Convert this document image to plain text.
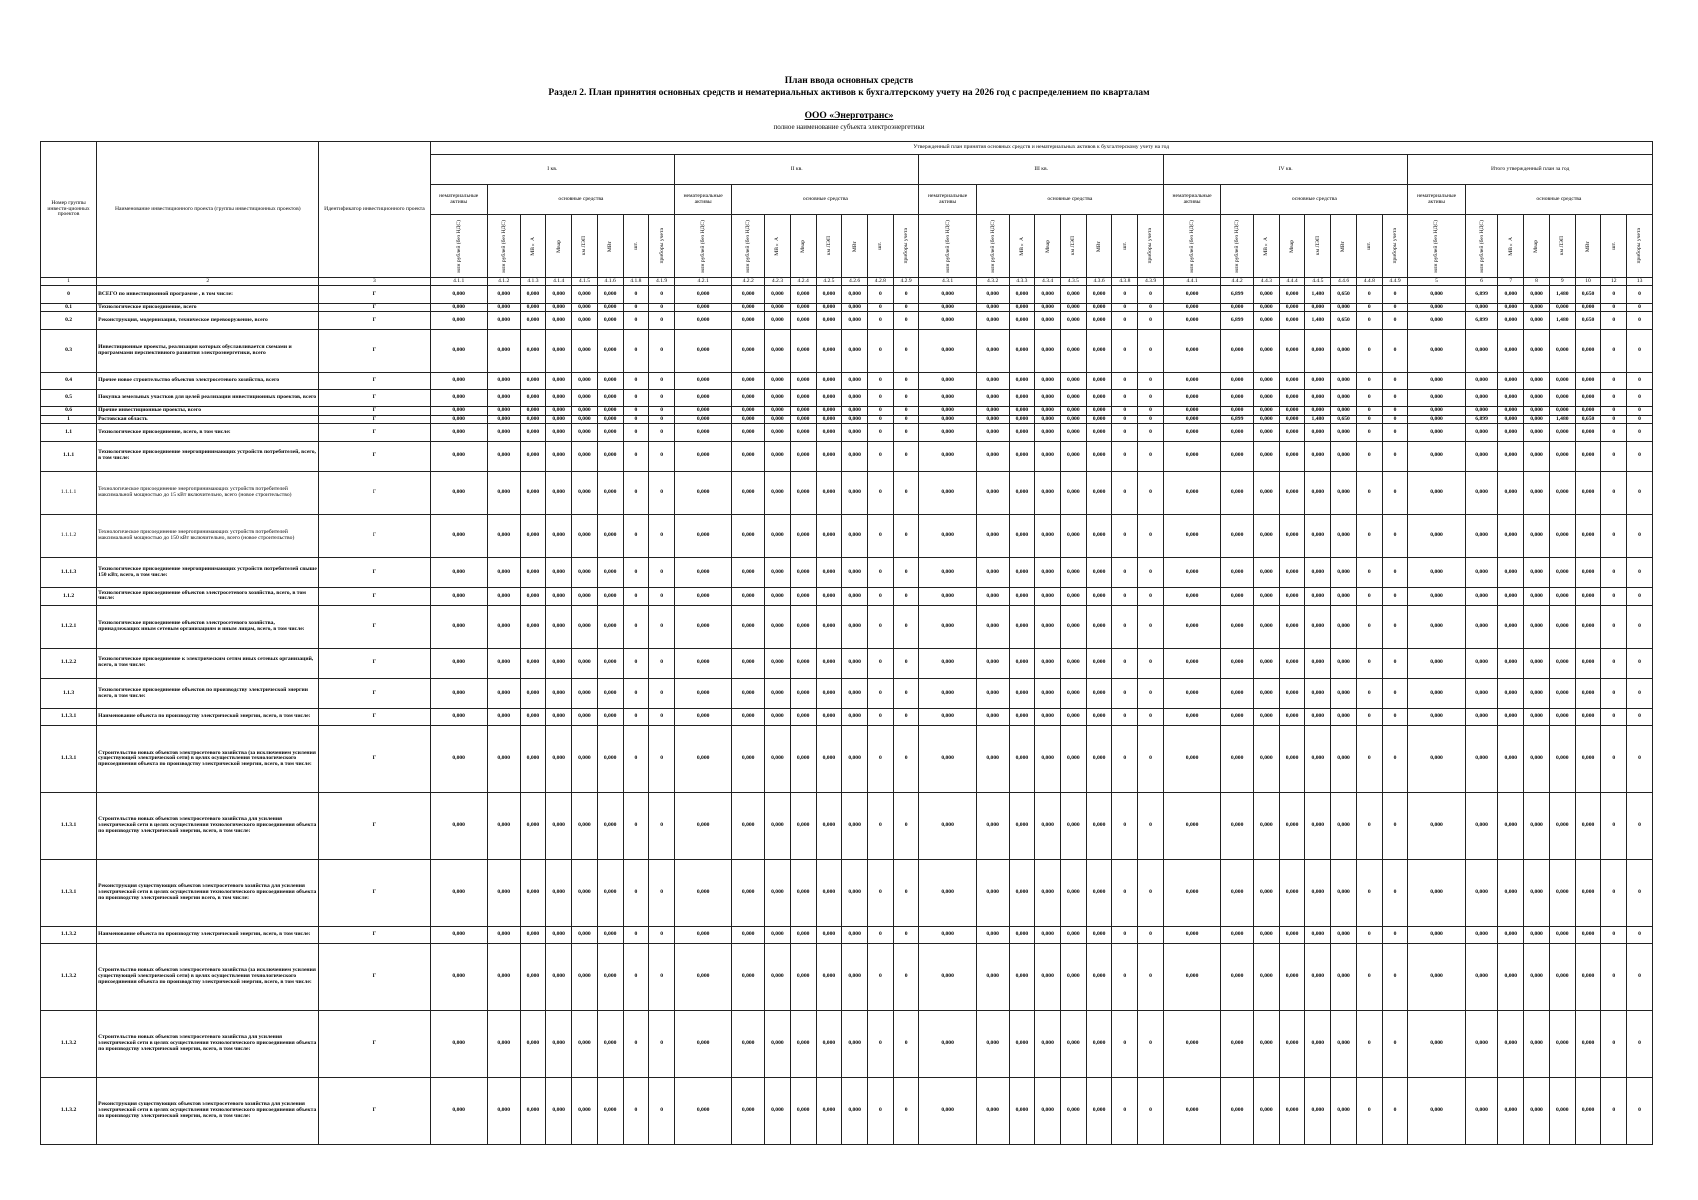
План ввода основных средств
Раздел 2. План принятия основных средств и нематериальных активов к бухгалтерскому учету на 2026 год с распределением по кварталам
ООО «Энерготранс»
полное наименование субъекта электроэнергетики
Номер группы инвести-ционных проектов	Наименование инвестиционного проекта (группы инвестиционных проектов)	Идентификатор инвестиционного проекта	Утвержденный план принятия основных средств и нематериальных активов к бухгалтерскому учету на год																																							
			I кв.								II кв.								III кв.								IV кв.								Итого утвержденный план за год							
			нематериальные активы	основные средства							нематериальные активы	основные средства							нематериальные активы	основные средства							нематериальные активы	основные средства							нематериальные активы	основные средства						

			млн рублей (без НДС)	млн рублей (без НДС)	МВ×А	Мвар	км ЛЭП	МВт	шт.	приборы учета	млн рублей (без НДС)	млн рублей (без НДС)	МВ×А	Мвар	км ЛЭП	МВт	шт.	приборы учета	млн рублей (без НДС)	млн рублей (без НДС)	МВ×А	Мвар	км ЛЭП	МВт	шт.	приборы учета	млн рублей (без НДС)	млн рублей (без НДС)	МВ×А	Мвар	км ЛЭП	МВт	шт.	приборы учета	млн рублей (без НДС)	млн рублей (без НДС)	МВ×А	Мвар	км ЛЭП	МВт	шт.	приборы учета

1	2	3	4.1.1	4.1.2	4.1.3	4.1.4	4.1.5	4.1.6	4.1.8	4.1.9	4.2.1	4.2.2	4.2.3	4.2.4	4.2.5	4.2.6	4.2.8	4.2.9	4.3.1	4.3.2	4.3.3	4.3.4	4.3.5	4.3.6	4.3.8	4.3.9	4.4.1	4.4.2	4.4.3	4.4.4	4.4.5	4.4.6	4.4.8	4.4.9	5	6	7	8	9	10	12	13
0	ВСЕГО по инвестиционной программе , в том числе:	Г	0,000	0,000	0,000	0,000	0,000	0,000	0	0	0,000	0,000	0,000	0,000	0,000	0,000	0	0	0,000	0,000	0,000	0,000	0,000	0,000	0	0	0,000	6,899	0,000	0,000	1,480	0,650	0	0	0,000	6,899	0,000	0,000	1,480	0,650	0	0
0.1	Технологическое присоединение, всего	Г	0,000	0,000	0,000	0,000	0,000	0,000	0	0	0,000	0,000	0,000	0,000	0,000	0,000	0	0	0,000	0,000	0,000	0,000	0,000	0,000	0	0	0,000	0,000	0,000	0,000	0,000	0,000	0	0	0,000	0,000	0,000	0,000	0,000	0,000	0	0
0.2	Реконструкция, модернизация, техническое перевооружение, всего	Г	0,000	0,000	0,000	0,000	0,000	0,000	0	0	0,000	0,000	0,000	0,000	0,000	0,000	0	0	0,000	0,000	0,000	0,000	0,000	0,000	0	0	0,000	6,899	0,000	0,000	1,480	0,650	0	0	0,000	6,899	0,000	0,000	1,480	0,650	0	0
0.3	Инвестиционные проекты, реализация которых обуславливается схемами и программами перспективного развития электроэнергетики, всего	Г	0,000	0,000	0,000	0,000	0,000	0,000	0	0	0,000	0,000	0,000	0,000	0,000	0,000	0	0	0,000	0,000	0,000	0,000	0,000	0,000	0	0	0,000	0,000	0,000	0,000	0,000	0,000	0	0	0,000	0,000	0,000	0,000	0,000	0,000	0	0
0.4	Прочее новое строительство объектов электросетевого хозяйства, всего	Г	0,000	0,000	0,000	0,000	0,000	0,000	0	0	0,000	0,000	0,000	0,000	0,000	0,000	0	0	0,000	0,000	0,000	0,000	0,000	0,000	0	0	0,000	0,000	0,000	0,000	0,000	0,000	0	0	0,000	0,000	0,000	0,000	0,000	0,000	0	0
0.5	Покупка земельных участков для целей реализации инвестиционных проектов, всего	Г	0,000	0,000	0,000	0,000	0,000	0,000	0	0	0,000	0,000	0,000	0,000	0,000	0,000	0	0	0,000	0,000	0,000	0,000	0,000	0,000	0	0	0,000	0,000	0,000	0,000	0,000	0,000	0	0	0,000	0,000	0,000	0,000	0,000	0,000	0	0
0.6	Прочие инвестиционные проекты, всего	Г	0,000	0,000	0,000	0,000	0,000	0,000	0	0	0,000	0,000	0,000	0,000	0,000	0,000	0	0	0,000	0,000	0,000	0,000	0,000	0,000	0	0	0,000	0,000	0,000	0,000	0,000	0,000	0	0	0,000	0,000	0,000	0,000	0,000	0,000	0	0
1	Ростовская область	Г	0,000	0,000	0,000	0,000	0,000	0,000	0	0	0,000	0,000	0,000	0,000	0,000	0,000	0	0	0,000	0,000	0,000	0,000	0,000	0,000	0	0	0,000	6,899	0,000	0,000	1,480	0,650	0	0	0,000	6,899	0,000	0,000	1,480	0,650	0	0
1.1	Технологическое присоединение, всего, в том числе:	Г	0,000	0,000	0,000	0,000	0,000	0,000	0	0	0,000	0,000	0,000	0,000	0,000	0,000	0	0	0,000	0,000	0,000	0,000	0,000	0,000	0	0	0,000	0,000	0,000	0,000	0,000	0,000	0	0	0,000	0,000	0,000	0,000	0,000	0,000	0	0
1.1.1	Технологическое присоединение энергопринимающих устройств потребителей, всего, в том числе:	Г	0,000	0,000	0,000	0,000	0,000	0,000	0	0	0,000	0,000	0,000	0,000	0,000	0,000	0	0	0,000	0,000	0,000	0,000	0,000	0,000	0	0	0,000	0,000	0,000	0,000	0,000	0,000	0	0	0,000	0,000	0,000	0,000	0,000	0,000	0	0
1.1.1.1	Технологическое присоединение энергопринимающих устройств потребителей максимальной мощностью до 15 кВт включительно, всего (новое строительство)	Г	0,000	0,000	0,000	0,000	0,000	0,000	0	0	0,000	0,000	0,000	0,000	0,000	0,000	0	0	0,000	0,000	0,000	0,000	0,000	0,000	0	0	0,000	0,000	0,000	0,000	0,000	0,000	0	0	0,000	0,000	0,000	0,000	0,000	0,000	0	0
1.1.1.2	Технологическое присоединение энергопринимающих устройств потребителей максимальной мощностью до 150 кВт включительно, всего (новое строительство)	Г	0,000	0,000	0,000	0,000	0,000	0,000	0	0	0,000	0,000	0,000	0,000	0,000	0,000	0	0	0,000	0,000	0,000	0,000	0,000	0,000	0	0	0,000	0,000	0,000	0,000	0,000	0,000	0	0	0,000	0,000	0,000	0,000	0,000	0,000	0	0
1.1.1.3	Технологическое присоединение энергопринимающих устройств потребителей свыше 150 кВт, всего, в том числе:	Г	0,000	0,000	0,000	0,000	0,000	0,000	0	0	0,000	0,000	0,000	0,000	0,000	0,000	0	0	0,000	0,000	0,000	0,000	0,000	0,000	0	0	0,000	0,000	0,000	0,000	0,000	0,000	0	0	0,000	0,000	0,000	0,000	0,000	0,000	0	0
1.1.2	Технологическое присоединение объектов электросетевого хозяйства, всего, в том числе:	Г	0,000	0,000	0,000	0,000	0,000	0,000	0	0	0,000	0,000	0,000	0,000	0,000	0,000	0	0	0,000	0,000	0,000	0,000	0,000	0,000	0	0	0,000	0,000	0,000	0,000	0,000	0,000	0	0	0,000	0,000	0,000	0,000	0,000	0,000	0	0
1.1.2.1	Технологическое присоединение объектов электросетевого хозяйства, принадлежащих иным сетевым организациям и иным лицам, всего, в том числе:	Г	0,000	0,000	0,000	0,000	0,000	0,000	0	0	0,000	0,000	0,000	0,000	0,000	0,000	0	0	0,000	0,000	0,000	0,000	0,000	0,000	0	0	0,000	0,000	0,000	0,000	0,000	0,000	0	0	0,000	0,000	0,000	0,000	0,000	0,000	0	0
1.1.2.2	Технологическое присоединение к электрическим сетям иных сетевых организаций, всего, в том числе:	Г	0,000	0,000	0,000	0,000	0,000	0,000	0	0	0,000	0,000	0,000	0,000	0,000	0,000	0	0	0,000	0,000	0,000	0,000	0,000	0,000	0	0	0,000	0,000	0,000	0,000	0,000	0,000	0	0	0,000	0,000	0,000	0,000	0,000	0,000	0	0
1.1.3	Технологическое присоединение объектов по производству электрической энергии всего, в том числе:	Г	0,000	0,000	0,000	0,000	0,000	0,000	0	0	0,000	0,000	0,000	0,000	0,000	0,000	0	0	0,000	0,000	0,000	0,000	0,000	0,000	0	0	0,000	0,000	0,000	0,000	0,000	0,000	0	0	0,000	0,000	0,000	0,000	0,000	0,000	0	0
1.1.3.1	Наименование объекта по производству электрической энергии, всего, в том числе:	Г	0,000	0,000	0,000	0,000	0,000	0,000	0	0	0,000	0,000	0,000	0,000	0,000	0,000	0	0	0,000	0,000	0,000	0,000	0,000	0,000	0	0	0,000	0,000	0,000	0,000	0,000	0,000	0	0	0,000	0,000	0,000	0,000	0,000	0,000	0	0
1.1.3.1	Строительство новых объектов электросетевого хозяйства (за исключением усиления существующей электрической сети) в целях осуществления технологического присоединения объекта по производству электрической энергии, всего, в том числе:	Г	0,000	0,000	0,000	0,000	0,000	0,000	0	0	0,000	0,000	0,000	0,000	0,000	0,000	0	0	0,000	0,000	0,000	0,000	0,000	0,000	0	0	0,000	0,000	0,000	0,000	0,000	0,000	0	0	0,000	0,000	0,000	0,000	0,000	0,000	0	0
1.1.3.1	Строительство новых объектов электросетевого хозяйства для усиления электрической сети в целях осуществления технологического присоединения объекта по производству электрической энергии, всего, в том числе:	Г	0,000	0,000	0,000	0,000	0,000	0,000	0	0	0,000	0,000	0,000	0,000	0,000	0,000	0	0	0,000	0,000	0,000	0,000	0,000	0,000	0	0	0,000	0,000	0,000	0,000	0,000	0,000	0	0	0,000	0,000	0,000	0,000	0,000	0,000	0	0
1.1.3.1	Реконструкция существующих объектов электросетевого хозяйства для усиления электрической сети в целях осуществления технологического присоединения объекта по производству электрической энергии всего, в том числе:	Г	0,000	0,000	0,000	0,000	0,000	0,000	0	0	0,000	0,000	0,000	0,000	0,000	0,000	0	0	0,000	0,000	0,000	0,000	0,000	0,000	0	0	0,000	0,000	0,000	0,000	0,000	0,000	0	0	0,000	0,000	0,000	0,000	0,000	0,000	0	0
1.1.3.2	Наименование объекта по производству электрической энергии, всего, в том числе:	Г	0,000	0,000	0,000	0,000	0,000	0,000	0	0	0,000	0,000	0,000	0,000	0,000	0,000	0	0	0,000	0,000	0,000	0,000	0,000	0,000	0	0	0,000	0,000	0,000	0,000	0,000	0,000	0	0	0,000	0,000	0,000	0,000	0,000	0,000	0	0
1.1.3.2	Строительство новых объектов электросетевого хозяйства (за исключением усиления существующей электрической сети) в целях осуществления технологического присоединения объекта по производству электрической энергии, всего, в том числе:	Г	0,000	0,000	0,000	0,000	0,000	0,000	0	0	0,000	0,000	0,000	0,000	0,000	0,000	0	0	0,000	0,000	0,000	0,000	0,000	0,000	0	0	0,000	0,000	0,000	0,000	0,000	0,000	0	0	0,000	0,000	0,000	0,000	0,000	0,000	0	0
1.1.3.2	Строительство новых объектов электросетевого хозяйства для усиления электрической сети в целях осуществления технологического присоединения объекта по производству электрической энергии, всего, в том числе:	Г	0,000	0,000	0,000	0,000	0,000	0,000	0	0	0,000	0,000	0,000	0,000	0,000	0,000	0	0	0,000	0,000	0,000	0,000	0,000	0,000	0	0	0,000	0,000	0,000	0,000	0,000	0,000	0	0	0,000	0,000	0,000	0,000	0,000	0,000	0	0
1.1.3.2	Реконструкция существующих объектов электросетевого хозяйства для усиления электрической сети в целях осуществления технологического присоединения объекта по производству электрической энергии, всего, в том числе:	Г	0,000	0,000	0,000	0,000	0,000	0,000	0	0	0,000	0,000	0,000	0,000	0,000	0,000	0	0	0,000	0,000	0,000	0,000	0,000	0,000	0	0	0,000	0,000	0,000	0,000	0,000	0,000	0	0	0,000	0,000	0,000	0,000	0,000	0,000	0	0
